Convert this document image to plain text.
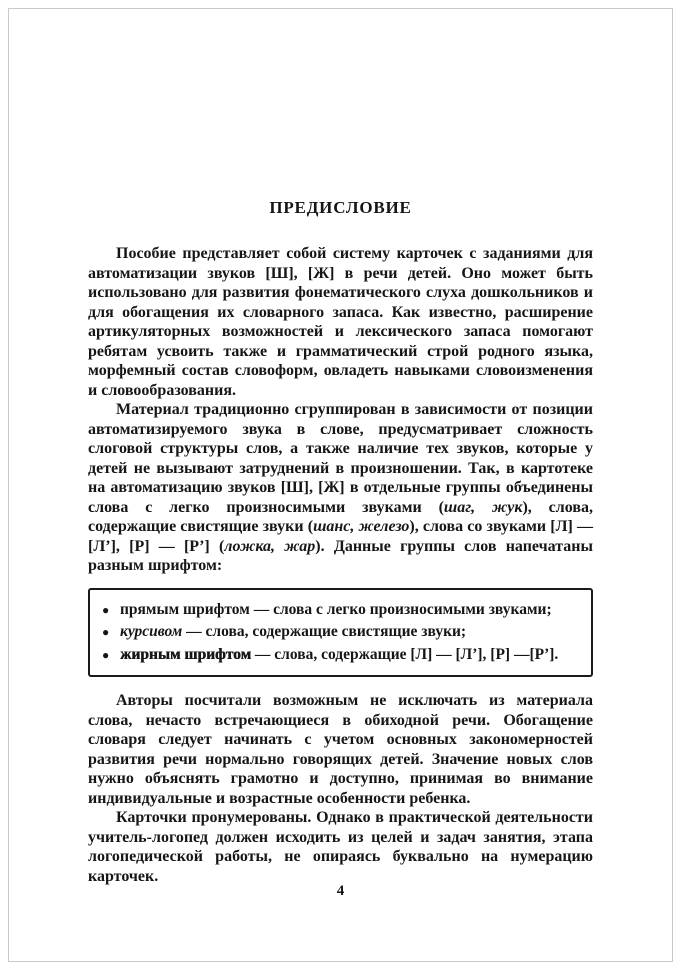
ПРЕДИСЛОВИЕ

Пособие представляет собой систему карточек с заданиями для автоматизации звуков [Ш], [Ж] в речи детей. Оно может быть использовано для развития фонематического слуха дошкольников и для обогащения их словарного запаса. Как известно, расширение артикуляторных возможностей и лексического запаса помогают ребятам усвоить также и грамматический строй родного языка, морфемный состав словоформ, овладеть навыками словоизменения и словообразования.

Материал традиционно сгруппирован в зависимости от позиции автоматизируемого звука в слове, предусматривает сложность слоговой структуры слов, а также наличие тех звуков, которые у детей не вызывают затруднений в произношении. Так, в картотеке на автоматизацию звуков [Ш], [Ж] в отдельные группы объединены слова с легко произносимыми звуками (шаг, жук), слова, содержащие свистящие звуки (шанс, железо), слова со звуками [Л] — [Л’], [Р] — [Р’] (ложка, жар). Данные группы слов напечатаны разным шрифтом:

● прямым шрифтом — слова с легко произносимыми звуками;
● курсивом — слова, содержащие свистящие звуки;
● жирным шрифтом — слова, содержащие [Л] — [Л’], [Р] —[Р’].

Авторы посчитали возможным не исключать из материала слова, нечасто встречающиеся в обиходной речи. Обогащение словаря следует начинать с учетом основных закономерностей развития речи нормально говорящих детей. Значение новых слов нужно объяснять грамотно и доступно, принимая во внимание индивидуальные и возрастные особенности ребенка.

Карточки пронумерованы. Однако в практической деятельности учитель-логопед должен исходить из целей и задач занятия, этапа логопедической работы, не опираясь буквально на нумерацию карточек.

4
